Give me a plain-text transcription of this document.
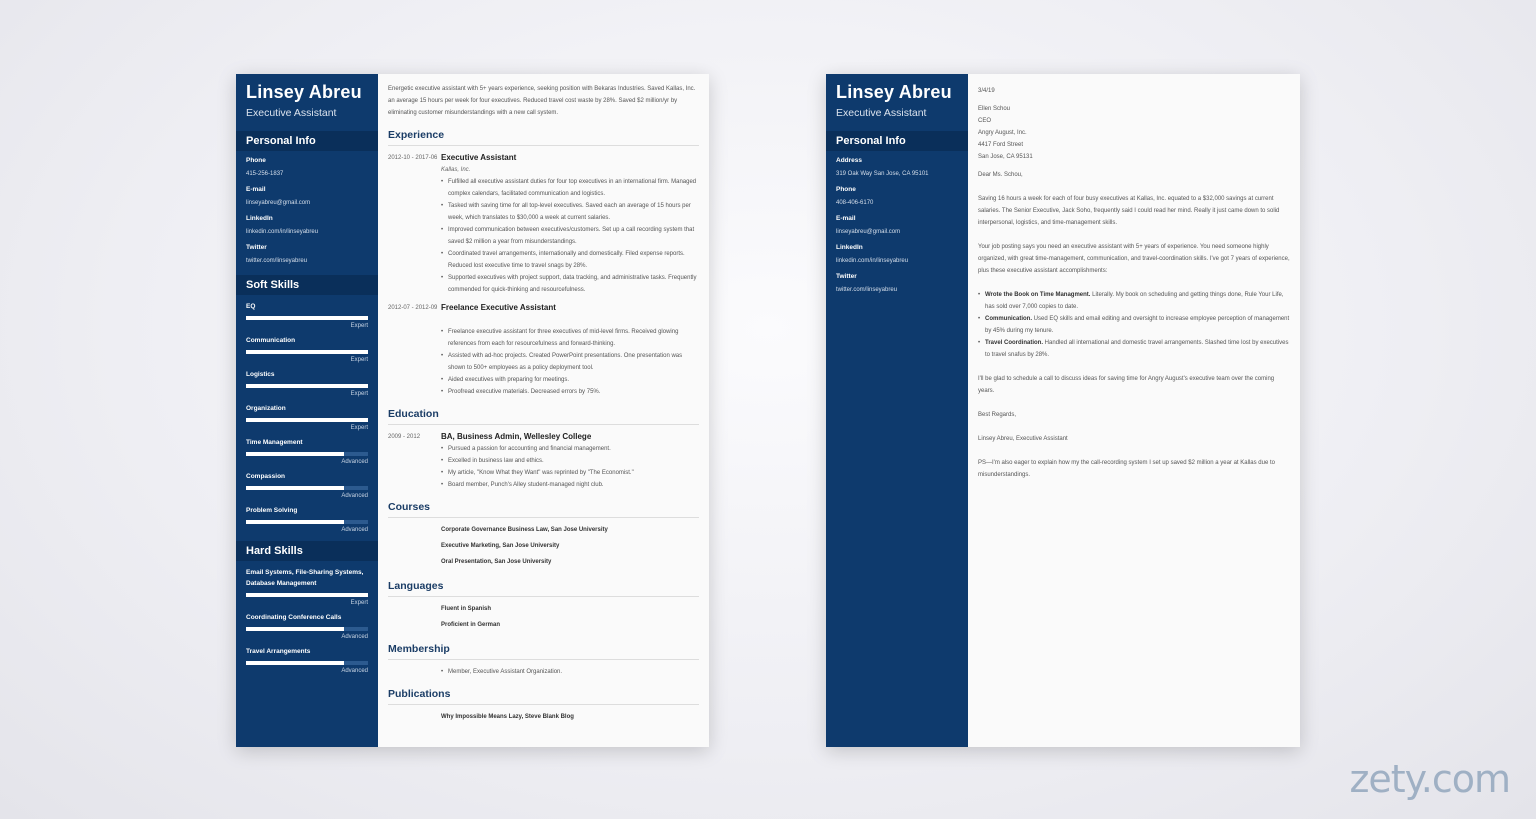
Linsey Abreu
Executive Assistant
Personal Info
Phone
415-256-1837
E-mail
linseyabreu@gmail.com
LinkedIn
linkedin.com/in/linseyabreu
Twitter
twitter.com/linseyabreu
Soft Skills
EQ
Expert
Communication
Expert
Logistics
Expert
Organization
Expert
Time Management
Advanced
Compassion
Advanced
Problem Solving
Advanced
Hard Skills
Email Systems, File-Sharing Systems, Database Management
Expert
Coordinating Conference Calls
Advanced
Travel Arrangements
Advanced
Energetic executive assistant with 5+ years experience, seeking position with Bekaras Industries. Saved Kallas, Inc. an average 15 hours per week for four executives. Reduced travel cost waste by 28%. Saved $2 million/yr by eliminating customer misunderstandings with a new call system.
Experience
2012-10 - 2017-06 Executive Assistant
Kallas, Inc.
• Fulfilled all executive assistant duties for four top executives in an international firm. Managed complex calendars, facilitated communication and logistics.
• Tasked with saving time for all top-level executives. Saved each an average of 15 hours per week, which translates to $30,000 a week at current salaries.
• Improved communication between executives/customers. Set up a call recording system that saved $2 million a year from misunderstandings.
• Coordinated travel arrangements, internationally and domestically. Filed expense reports. Reduced lost executive time to travel snags by 28%.
• Supported executives with project support, data tracking, and administrative tasks. Frequently commended for quick-thinking and resourcefulness.
2012-07 - 2012-09 Freelance Executive Assistant

• Freelance executive assistant for three executives of mid-level firms. Received glowing references from each for resourcefulness and forward-thinking.
• Assisted with ad-hoc projects. Created PowerPoint presentations. One presentation was shown to 500+ employees as a policy deployment tool.
• Aided executives with preparing for meetings.
• Proofread executive materials. Decreased errors by 75%.
Education
2009 - 2012	BA, Business Admin, Wellesley College
• Pursued a passion for accounting and financial management.
• Excelled in business law and ethics.
• My article, "Know What they Want" was reprinted by "The Economist."
• Board member, Punch's Alley student-managed night club.
Courses
Corporate Governance Business Law, San Jose University
Executive Marketing, San Jose University
Oral Presentation, San Jose University
Languages
Fluent in Spanish
Proficient in German
Membership
• Member, Executive Assistant Organization.
Publications
Why Impossible Means Lazy, Steve Blank Blog
Linsey Abreu
Executive Assistant
Personal Info
Address
319 Oak Way San Jose, CA 95101
Phone
408-406-6170
E-mail
linseyabreu@gmail.com
LinkedIn
linkedin.com/in/linseyabreu
Twitter
twitter.com/linseyabreu
3/4/19
Ellen Schou
CEO
Angry August, Inc.
4417 Ford Street
San Jose, CA 95131
Dear Ms. Schou,
Saving 16 hours a week for each of four busy executives at Kallas, Inc. equated to a $32,000 savings at current salaries. The Senior Executive, Jack Soho, frequently said I could read her mind. Really it just came down to solid interpersonal, logistics, and time-management skills.
Your job posting says you need an executive assistant with 5+ years of experience. You need someone highly organized, with great time-management, communication, and travel-coordination skills. I've got 7 years of experience, plus these executive assistant accomplishments:
• Wrote the Book on Time Managment. Literally. My book on scheduling and getting things done, Rule Your Life, has sold over 7,000 copies to date.
• Communication. Used EQ skills and email editing and oversight to increase employee perception of management by 45% during my tenure.
• Travel Coordination. Handled all international and domestic travel arrangements. Slashed time lost by executives to travel snafus by 28%.
I'll be glad to schedule a call to discuss ideas for saving time for Angry August's executive team over the coming years.
Best Regards,
Linsey Abreu, Executive Assistant
PS—I'm also eager to explain how my the call-recording system I set up saved $2 million a year at Kallas due to misunderstandings.
zety.com
